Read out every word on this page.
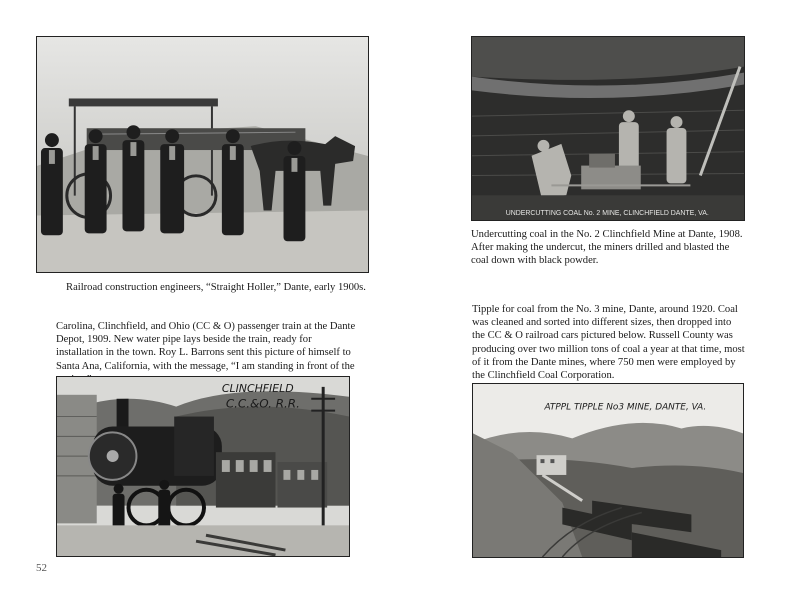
Railroad construction engineers, “Straight Holler,” Dante, early 1900s.

Carolina, Clinchfield, and Ohio (CC & O) passenger train at the Dante Depot, 1909. New water pipe lays beside the train, ready for installation in the town. Roy L. Barrons sent this picture of himself to Santa Ana, California, with the message, “I am standing in front of the

CLINCHFIELD
C.C.&O. R.R.
52
UNDERCUTTING COAL No. 2 MINE, CLINCHFIELD DANTE, VA.

Undercutting coal in the No. 2 Clinchfield Mine at Dante, 1908. After making the undercut, the miners drilled and blasted the coal down with black powder.

Tipple for coal from the No. 3 mine, Dante, around 1920. Coal was cleaned and sorted into different sizes, then dropped into the CC & O railroad cars pictured below. Russell County was producing over two million tons of coal a year at that time, most of it from the Dante mines, where 750 men were employed by the Clinchfield Coal Corporation.

ATPPL TIPPLE No3 MINE, DANTE, VA.
